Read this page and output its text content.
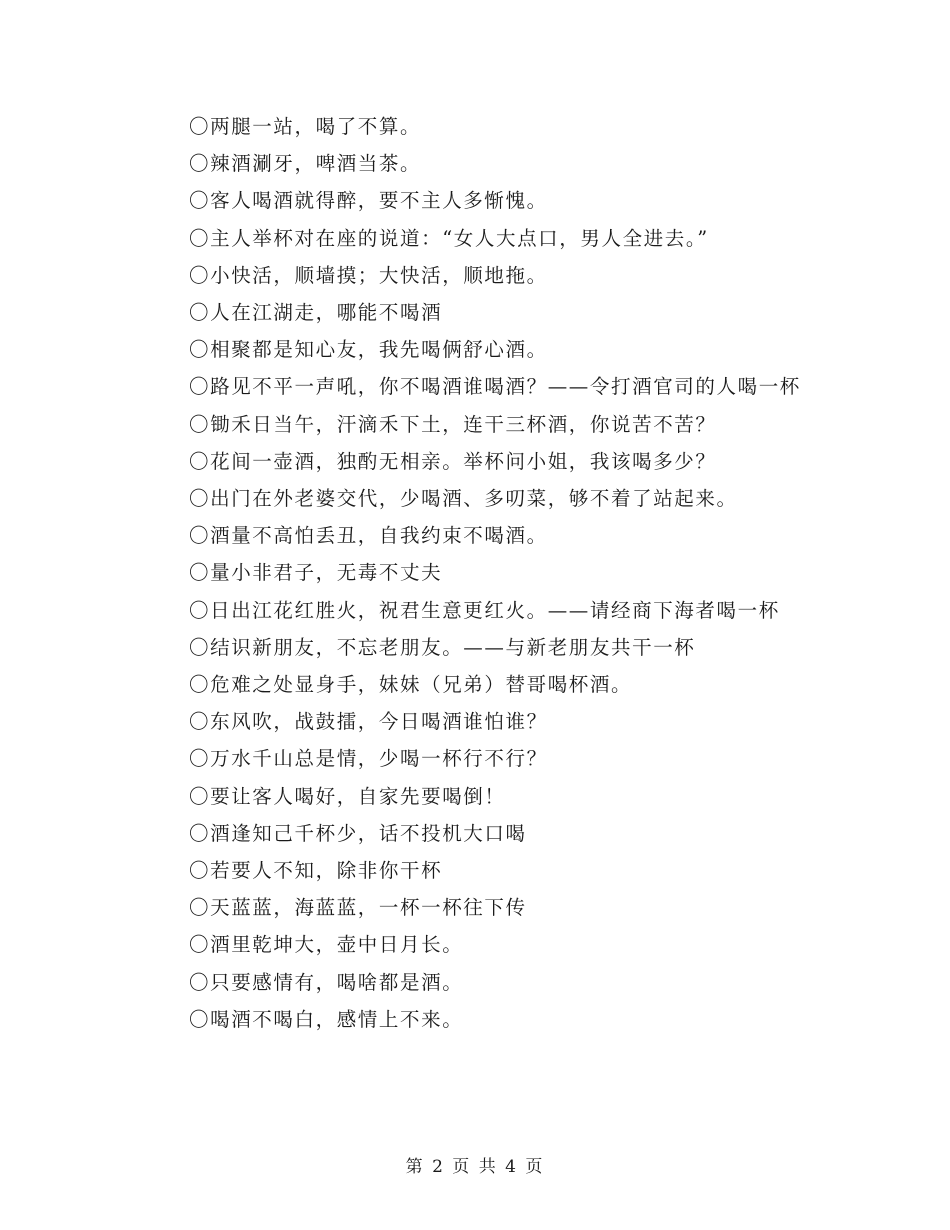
〇两腿一站，喝了不算。

〇辣酒涮牙，啤酒当茶。

〇客人喝酒就得醉，要不主人多惭愧。

〇主人举杯对在座的说道：“女人大点口，男人全进去。”

〇小快活，顺墙摸；大快活，顺地拖。

〇人在江湖走，哪能不喝酒

〇相聚都是知心友，我先喝俩舒心酒。

〇路见不平一声吼，你不喝酒谁喝酒？——令打酒官司的人喝一杯

〇锄禾日当午，汗滴禾下土，连干三杯酒，你说苦不苦？

〇花间一壶酒，独酌无相亲。举杯问小姐，我该喝多少？

〇出门在外老婆交代，少喝酒、多叨菜，够不着了站起来。

〇酒量不高怕丢丑，自我约束不喝酒。

〇量小非君子，无毒不丈夫

〇日出江花红胜火，祝君生意更红火。——请经商下海者喝一杯

〇结识新朋友，不忘老朋友。——与新老朋友共干一杯

〇危难之处显身手，妹妹（兄弟）替哥喝杯酒。

〇东风吹，战鼓擂，今日喝酒谁怕谁？

〇万水千山总是情，少喝一杯行不行？

〇要让客人喝好，自家先要喝倒！

〇酒逢知己千杯少，话不投机大口喝

〇若要人不知，除非你干杯

〇天蓝蓝，海蓝蓝，一杯一杯往下传

〇酒里乾坤大，壶中日月长。

〇只要感情有，喝啥都是酒。

〇喝酒不喝白，感情上不来。

第 2 页 共 4 页
